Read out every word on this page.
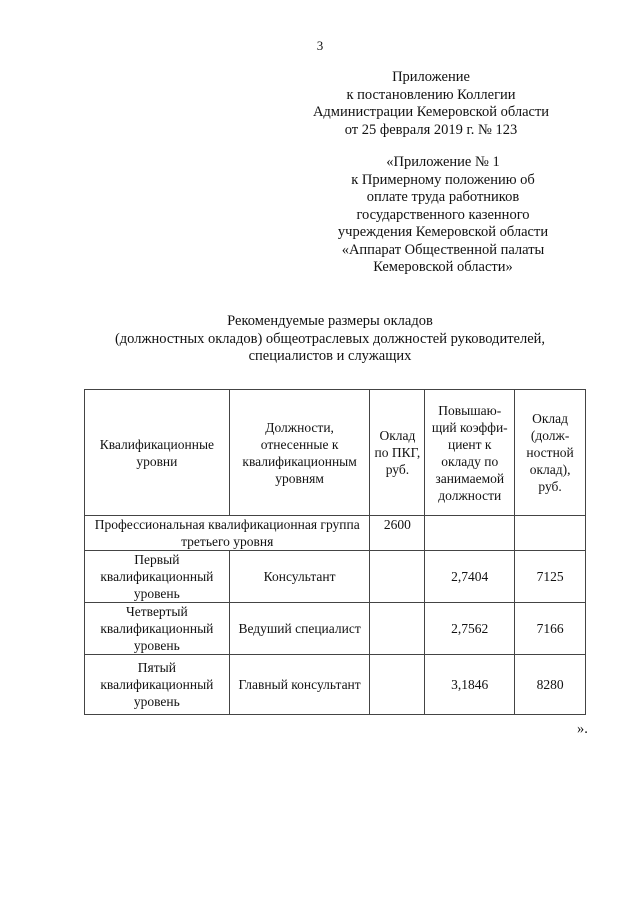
3
Приложение
к постановлению Коллегии
Администрации Кемеровской области
от 25 февраля 2019 г. № 123
«Приложение № 1
к Примерному положению об
оплате труда работников
государственного казенного
учреждения Кемеровской области
«Аппарат Общественной палаты
Кемеровской области»
Рекомендуемые размеры окладов
(должностных окладов) общеотраслевых должностей руководителей,
специалистов и служащих
Квалификационные уровни	Должности, отнесенные к квалификационным уровням	Оклад по ПКГ, руб.	Повышаю-щий коэффи-циент к окладу по занимаемой должности	Оклад (долж-ностной оклад), руб.
Профессиональная квалификационная группа третьего уровня		2600		
Первый квалификационный уровень	Консультант		2,7404	7125
Четвертый квалификационный уровень	Ведуший специалист		2,7562	7166
Пятый квалификационный уровень	Главный консультант		3,1846	8280
».
